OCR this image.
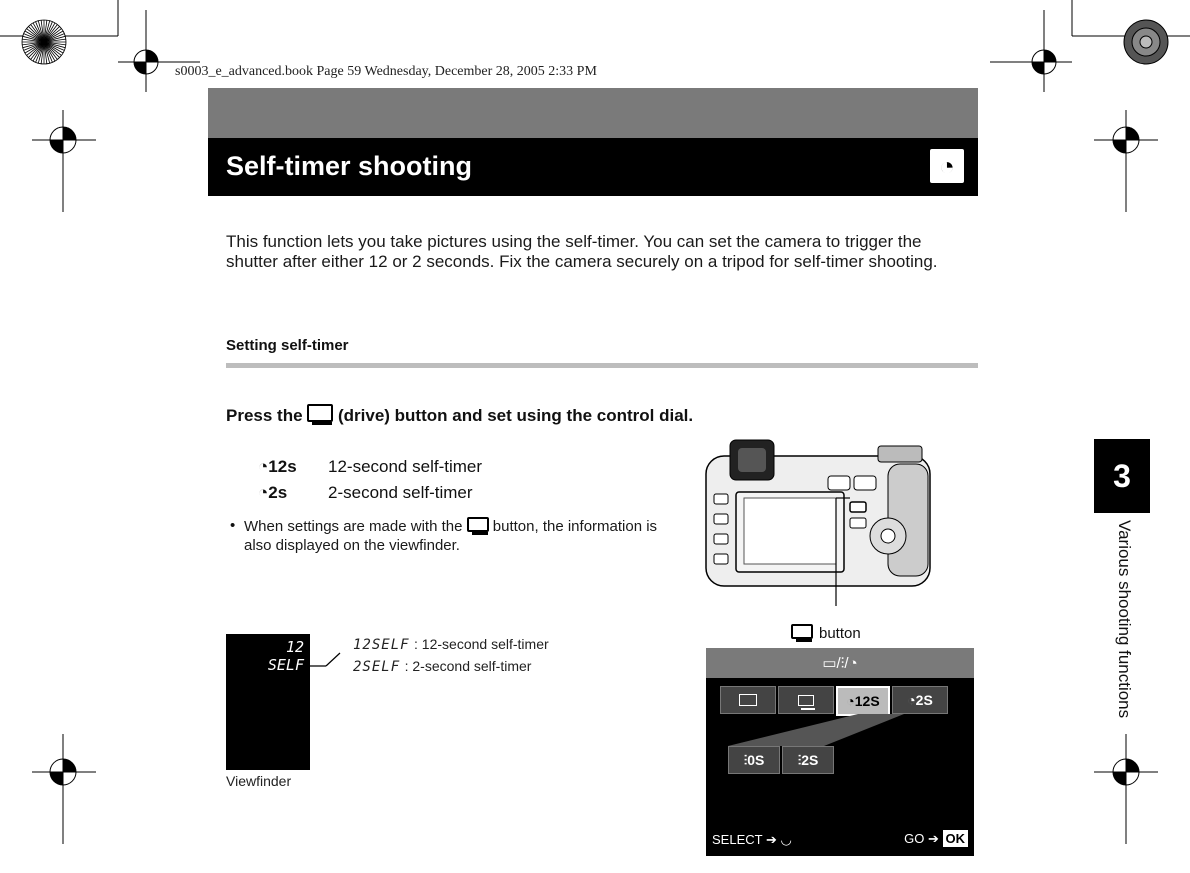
s0003_e_advanced.book Page 59 Wednesday, December 28, 2005 2:33 PM
Self-timer shooting	◔
This function lets you take pictures using the self-timer. You can set the camera to trigger the shutter after either 12 or 2 seconds. Fix the camera securely on a tripod for self-timer shooting.
Setting self-timer
Press the
(drive) button and set using the control dial.
◔12s 12-second self-timer
◔2s 2-second self-timer
• When settings are made with the
button, the information is also displayed on the viewfinder.
12
SELF
12SELF : 12-second self-timer
2SELF : 2-second self-timer
Viewfinder
button
▭/⫶/◔
◔ 12S ◔ 2S
⫶ 0S ⫶ 2S
SELECT ➔ ◡	GO ➔ OK
3
Various shooting functions
